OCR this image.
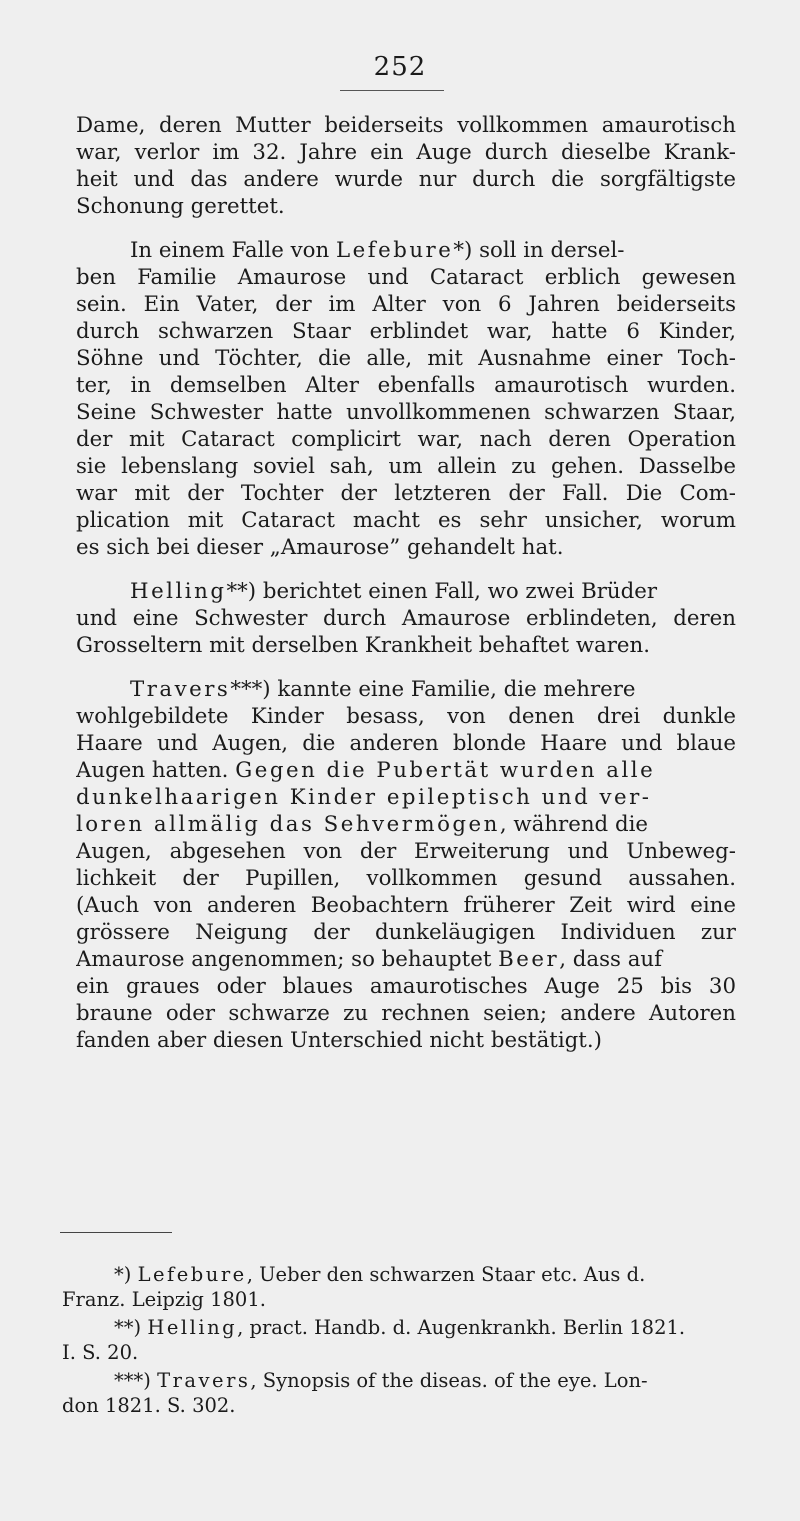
252

Dame, deren Mutter beiderseits vollkommen amaurotisch
war, verlor im 32. Jahre ein Auge durch dieselbe Krank-
heit und das andere wurde nur durch die sorgfältigste
Schonung gerettet.

In einem Falle von Lefebure*) soll in dersel-
ben Familie Amaurose und Cataract erblich gewesen
sein. Ein Vater, der im Alter von 6 Jahren beiderseits
durch schwarzen Staar erblindet war, hatte 6 Kinder,
Söhne und Töchter, die alle, mit Ausnahme einer Toch-
ter, in demselben Alter ebenfalls amaurotisch wurden.
Seine Schwester hatte unvollkommenen schwarzen Staar,
der mit Cataract complicirt war, nach deren Operation
sie lebenslang soviel sah, um allein zu gehen. Dasselbe
war mit der Tochter der letzteren der Fall. Die Com-
plication mit Cataract macht es sehr unsicher, worum
es sich bei dieser „Amaurose” gehandelt hat.

Helling**) berichtet einen Fall, wo zwei Brüder
und eine Schwester durch Amaurose erblindeten, deren
Grosseltern mit derselben Krankheit behaftet waren.

Travers***) kannte eine Familie, die mehrere
wohlgebildete Kinder besass, von denen drei dunkle
Haare und Augen, die anderen blonde Haare und blaue
Augen hatten. Gegen die Pubertät wurden alle
dunkelhaarigen Kinder epileptisch und ver-
loren allmälig das Sehvermögen, während die
Augen, abgesehen von der Erweiterung und Unbeweg-
lichkeit der Pupillen, vollkommen gesund aussahen.
(Auch von anderen Beobachtern früherer Zeit wird eine
grössere Neigung der dunkeläugigen Individuen zur
Amaurose angenommen; so behauptet Beer, dass auf
ein graues oder blaues amaurotisches Auge 25 bis 30
braune oder schwarze zu rechnen seien; andere Autoren
fanden aber diesen Unterschied nicht bestätigt.)

*) Lefebure, Ueber den schwarzen Staar etc. Aus d.
Franz. Leipzig 1801.
**) Helling, pract. Handb. d. Augenkrankh. Berlin 1821.
I. S. 20.
***) Travers, Synopsis of the diseas. of the eye. Lon-
don 1821. S. 302.
